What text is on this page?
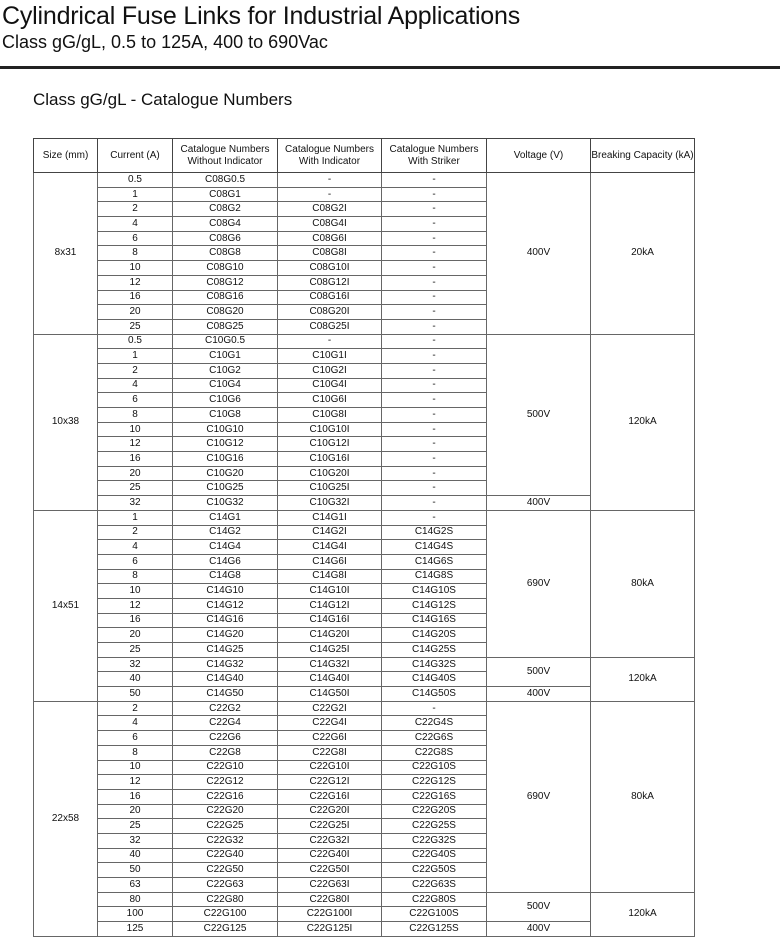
Cylindrical Fuse Links for Industrial Applications
Class gG/gL, 0.5 to 125A, 400 to 690Vac
Class gG/gL - Catalogue Numbers
Size (mm)	Current (A)	Catalogue Numbers Without Indicator	Catalogue Numbers With Indicator	Catalogue Numbers With Striker	Voltage (V)	Breaking Capacity (kA)
8x31	0.5	C08G0.5	-	-	400V	20kA
	1	C08G1	-	-		
	2	C08G2	C08G2I	-		
	4	C08G4	C08G4I	-		
	6	C08G6	C08G6I	-		
	8	C08G8	C08G8I	-		
	10	C08G10	C08G10I	-		
	12	C08G12	C08G12I	-		
	16	C08G16	C08G16I	-		
	20	C08G20	C08G20I	-		
	25	C08G25	C08G25I	-		
10x38	0.5	C10G0.5	-	-	500V	120kA
	1	C10G1	C10G1I	-		
	2	C10G2	C10G2I	-		
	4	C10G4	C10G4I	-		
	6	C10G6	C10G6I	-		
	8	C10G8	C10G8I	-		
	10	C10G10	C10G10I	-		
	12	C10G12	C10G12I	-		
	16	C10G16	C10G16I	-		
	20	C10G20	C10G20I	-		
	25	C10G25	C10G25I	-		
	32	C10G32	C10G32I	-	400V	
14x51	1	C14G1	C14G1I	-	690V	80kA
	2	C14G2	C14G2I	C14G2S		
	4	C14G4	C14G4I	C14G4S		
	6	C14G6	C14G6I	C14G6S		
	8	C14G8	C14G8I	C14G8S		
	10	C14G10	C14G10I	C14G10S		
	12	C14G12	C14G12I	C14G12S		
	16	C14G16	C14G16I	C14G16S		
	20	C14G20	C14G20I	C14G20S		
	25	C14G25	C14G25I	C14G25S		
	32	C14G32	C14G32I	C14G32S	500V	120kA
	40	C14G40	C14G40I	C14G40S		
	50	C14G50	C14G50I	C14G50S	400V	
22x58	2	C22G2	C22G2I	-	690V	80kA
	4	C22G4	C22G4I	C22G4S		
	6	C22G6	C22G6I	C22G6S		
	8	C22G8	C22G8I	C22G8S		
	10	C22G10	C22G10I	C22G10S		
	12	C22G12	C22G12I	C22G12S		
	16	C22G16	C22G16I	C22G16S		
	20	C22G20	C22G20I	C22G20S		
	25	C22G25	C22G25I	C22G25S		
	32	C22G32	C22G32I	C22G32S		
	40	C22G40	C22G40I	C22G40S		
	50	C22G50	C22G50I	C22G50S		
	63	C22G63	C22G63I	C22G63S		
	80	C22G80	C22G80I	C22G80S	500V	120kA
	100	C22G100	C22G100I	C22G100S		
	125	C22G125	C22G125I	C22G125S	400V	
